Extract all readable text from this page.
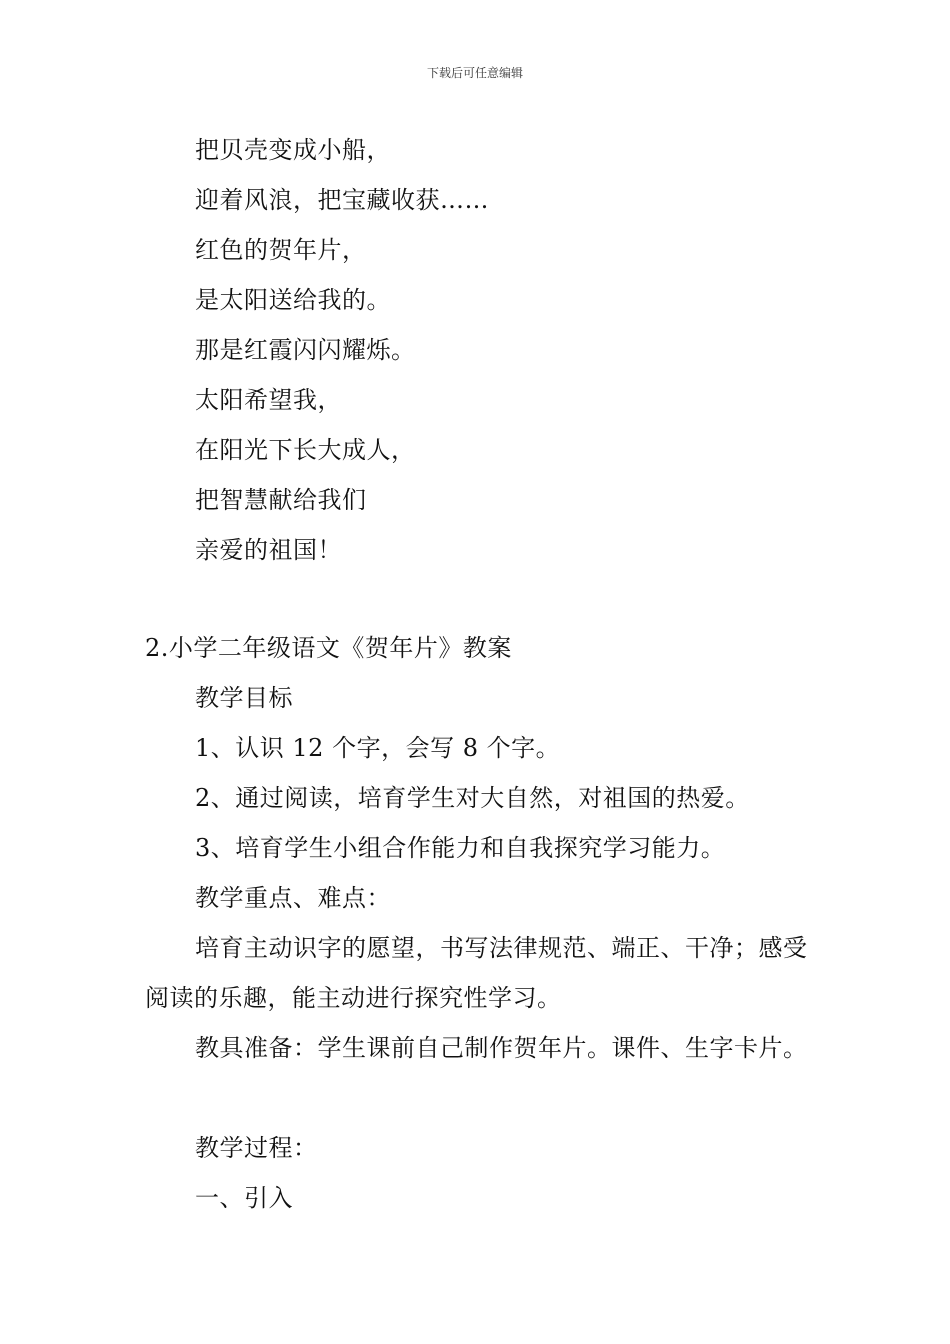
下载后可任意编辑
把贝壳变成小船，
迎着风浪，把宝藏收获……
红色的贺年片，
是太阳送给我的。
那是红霞闪闪耀烁。
太阳希望我，
在阳光下长大成人，
把智慧献给我们
亲爱的祖国！
2.小学二年级语文《贺年片》教案
教学目标
1、认识 12 个字，会写 8 个字。
2、通过阅读，培育学生对大自然，对祖国的热爱。
3、培育学生小组合作能力和自我探究学习能力。
教学重点、难点：
培育主动识字的愿望，书写法律规范、端正、干净；感受阅读的乐趣，能主动进行探究性学习。
教具准备：学生课前自己制作贺年片。课件、生字卡片。
教学过程：
一、引入
